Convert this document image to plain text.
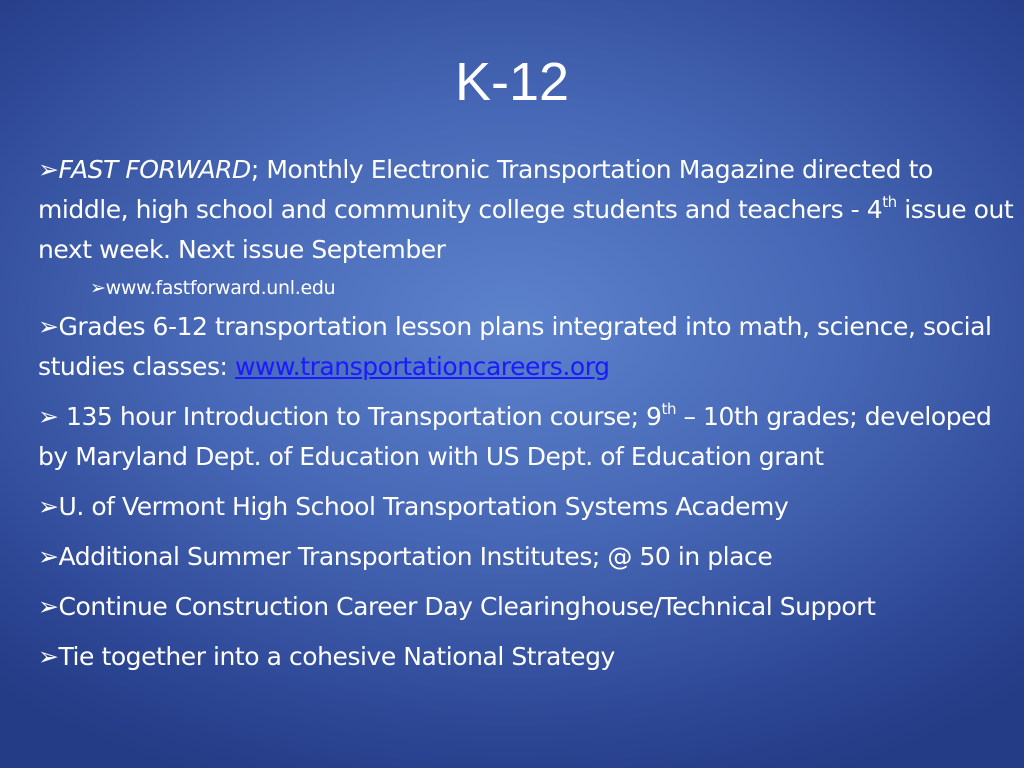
K-12
➢FAST FORWARD; Monthly Electronic Transportation Magazine directed to middle, high school and community college students and teachers - 4th issue out next week. Next issue September
➢www.fastforward.unl.edu
➢Grades 6-12 transportation lesson plans integrated into math, science, social studies classes: www.transportationcareers.org
➢ 135 hour Introduction to Transportation course; 9th – 10th grades; developed by Maryland Dept. of Education with US Dept. of Education grant
➢U. of Vermont High School Transportation Systems Academy
➢Additional Summer Transportation Institutes; @ 50 in place
➢Continue Construction Career Day Clearinghouse/Technical Support
➢Tie together into a cohesive National Strategy
